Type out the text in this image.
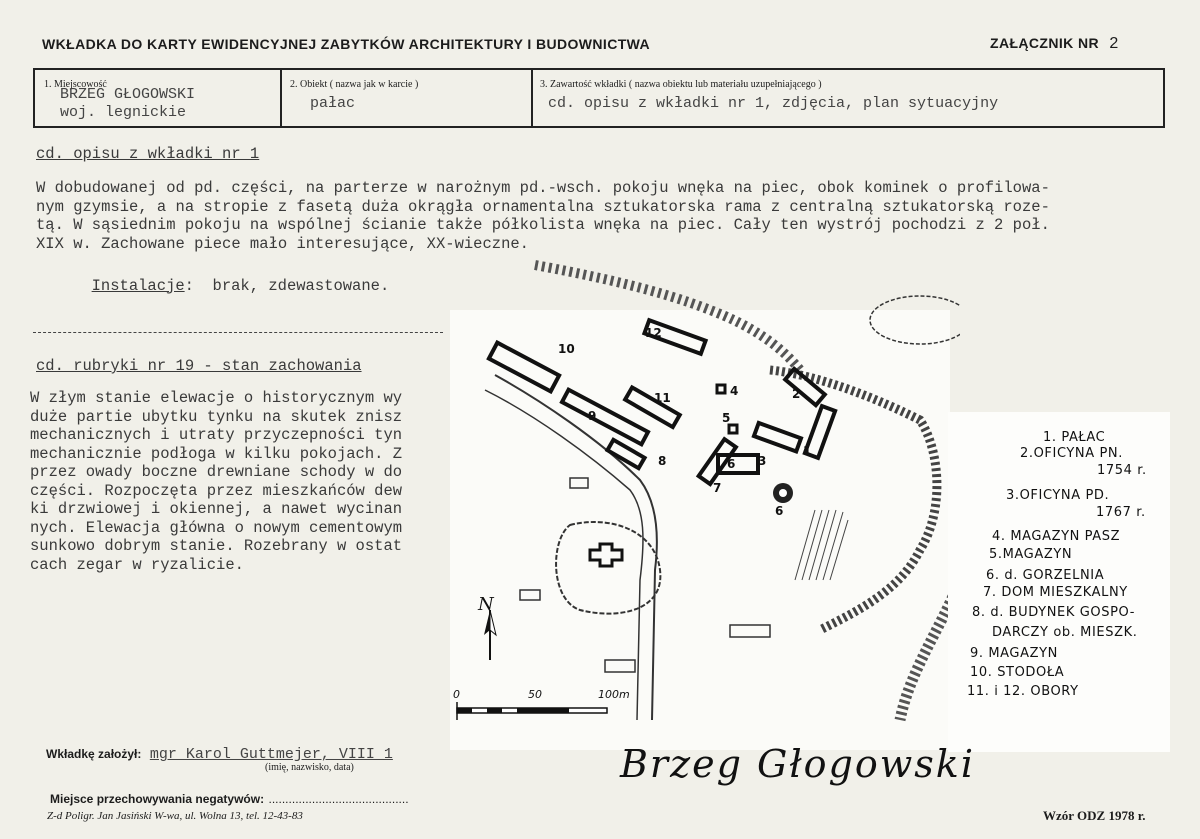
WKŁADKA DO KARTY EWIDENCYJNEJ ZABYTKÓW ARCHITEKTURY I BUDOWNICTWA	ZAŁĄCZNIK NR 2
1. Miejscowość
BRZEG GŁOGOWSKI
woj. legnickie
2. Obiekt ( nazwa jak w karcie )
pałac
3. Zawartość wkładki ( nazwa obiektu lub materiału uzupełniającego )
cd. opisu z wkładki nr 1, zdjęcia, plan sytuacyjny
cd. opisu z wkładki nr 1
W dobudowanej od pd. części, na parterze w narożnym pd.-wsch. pokoju wnęka na piec, obok kominek o profilowa-
nym gzymsie, a na stropie z fasetą duża okrągła ornamentalna sztukatorska rama z centralną sztukatorską roze-
tą. W sąsiednim pokoju na wspólnej ścianie także półkolista wnęka na piec. Cały ten wystrój pochodzi z 2 poł.
XIX w. Zachowane piece mało interesujące, XX-wieczne.

Instalacje:  brak, zdewastowane.

cd. rubryki nr 19 - stan zachowania
W złym stanie elewacje o historycznym wy
duże partie ubytku tynku na skutek znisz
mechanicznych i utraty przyczepności tyn
mechanicznie podłoga w kilku pokojach. Z
przez owady boczne drewniane schody w do
części. Rozpoczęta przez mieszkańców dew
ki drzwiowej i okiennej, a nawet wycinan
nych. Elewacja główna o nowym cementowym
sunkowo dobrym stanie. Rozebrany w ostat
cach zegar w ryzalicie.
1
2
3
4
5
6
6
7
8
9
10
11
12
N
0	50	100m
1. PAŁAC
2.OFICYNA PN.
1754 r.
3.OFICYNA PD.
1767 r.
4. MAGAZYN PASZ
5.MAGAZYN
6. d. GORZELNIA
7. DOM MIESZKALNY
8. d. BUDYNEK GOSPO-
DARCZY ob. MIESZK.
9. MAGAZYN
10. STODOŁA
11. i 12. OBORY
Brzeg Głogowski
Wkładkę założył: mgr Karol Guttmejer, VIII 1
(imię, nazwisko, data)
Miejsce przechowywania negatywów: ..........................................
Z-d Poligr. Jan Jasiński W-wa, ul. Wolna 13, tel. 12-43-83	Wzór ODZ 1978 r.
